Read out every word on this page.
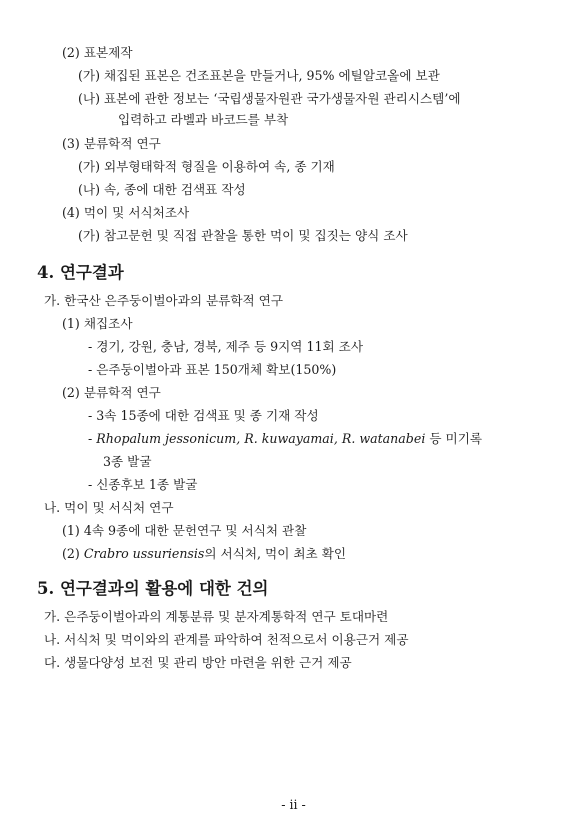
(2) 표본제작
(가) 채집된 표본은 건조표본을 만들거나, 95% 에틸알코올에 보관
(나) 표본에 관한 정보는 ‘국립생물자원관 국가생물자원 관리시스템’에
입력하고 라벨과 바코드를 부착
(3) 분류학적 연구
(가) 외부형태학적 형질을 이용하여 속, 종 기재
(나) 속, 종에 대한 검색표 작성
(4) 먹이 및 서식처조사
(가) 참고문헌 및 직접 관찰을 통한 먹이 및 집짓는 양식 조사
4. 연구결과
가. 한국산 은주둥이벌아과의 분류학적 연구
(1) 채집조사
- 경기, 강원, 충남, 경북, 제주 등 9지역 11회 조사
- 은주둥이벌아과 표본 150개체 확보(150%)
(2) 분류학적 연구
- 3속 15종에 대한 검색표 및 종 기재 작성
- Rhopalum jessonicum, R. kuwayamai, R. watanabei 등 미기록
3종 발굴
- 신종후보 1종 발굴
나. 먹이 및 서식처 연구
(1) 4속 9종에 대한 문헌연구 및 서식처 관찰
(2) Crabro ussuriensis의 서식처, 먹이 최초 확인
5. 연구결과의 활용에 대한 건의
가. 은주둥이벌아과의 계통분류 및 분자계통학적 연구 토대마련
나. 서식처 및 먹이와의 관계를 파악하여 천적으로서 이용근거 제공
다. 생물다양성 보전 및 관리 방안 마련을 위한 근거 제공
- ii -
